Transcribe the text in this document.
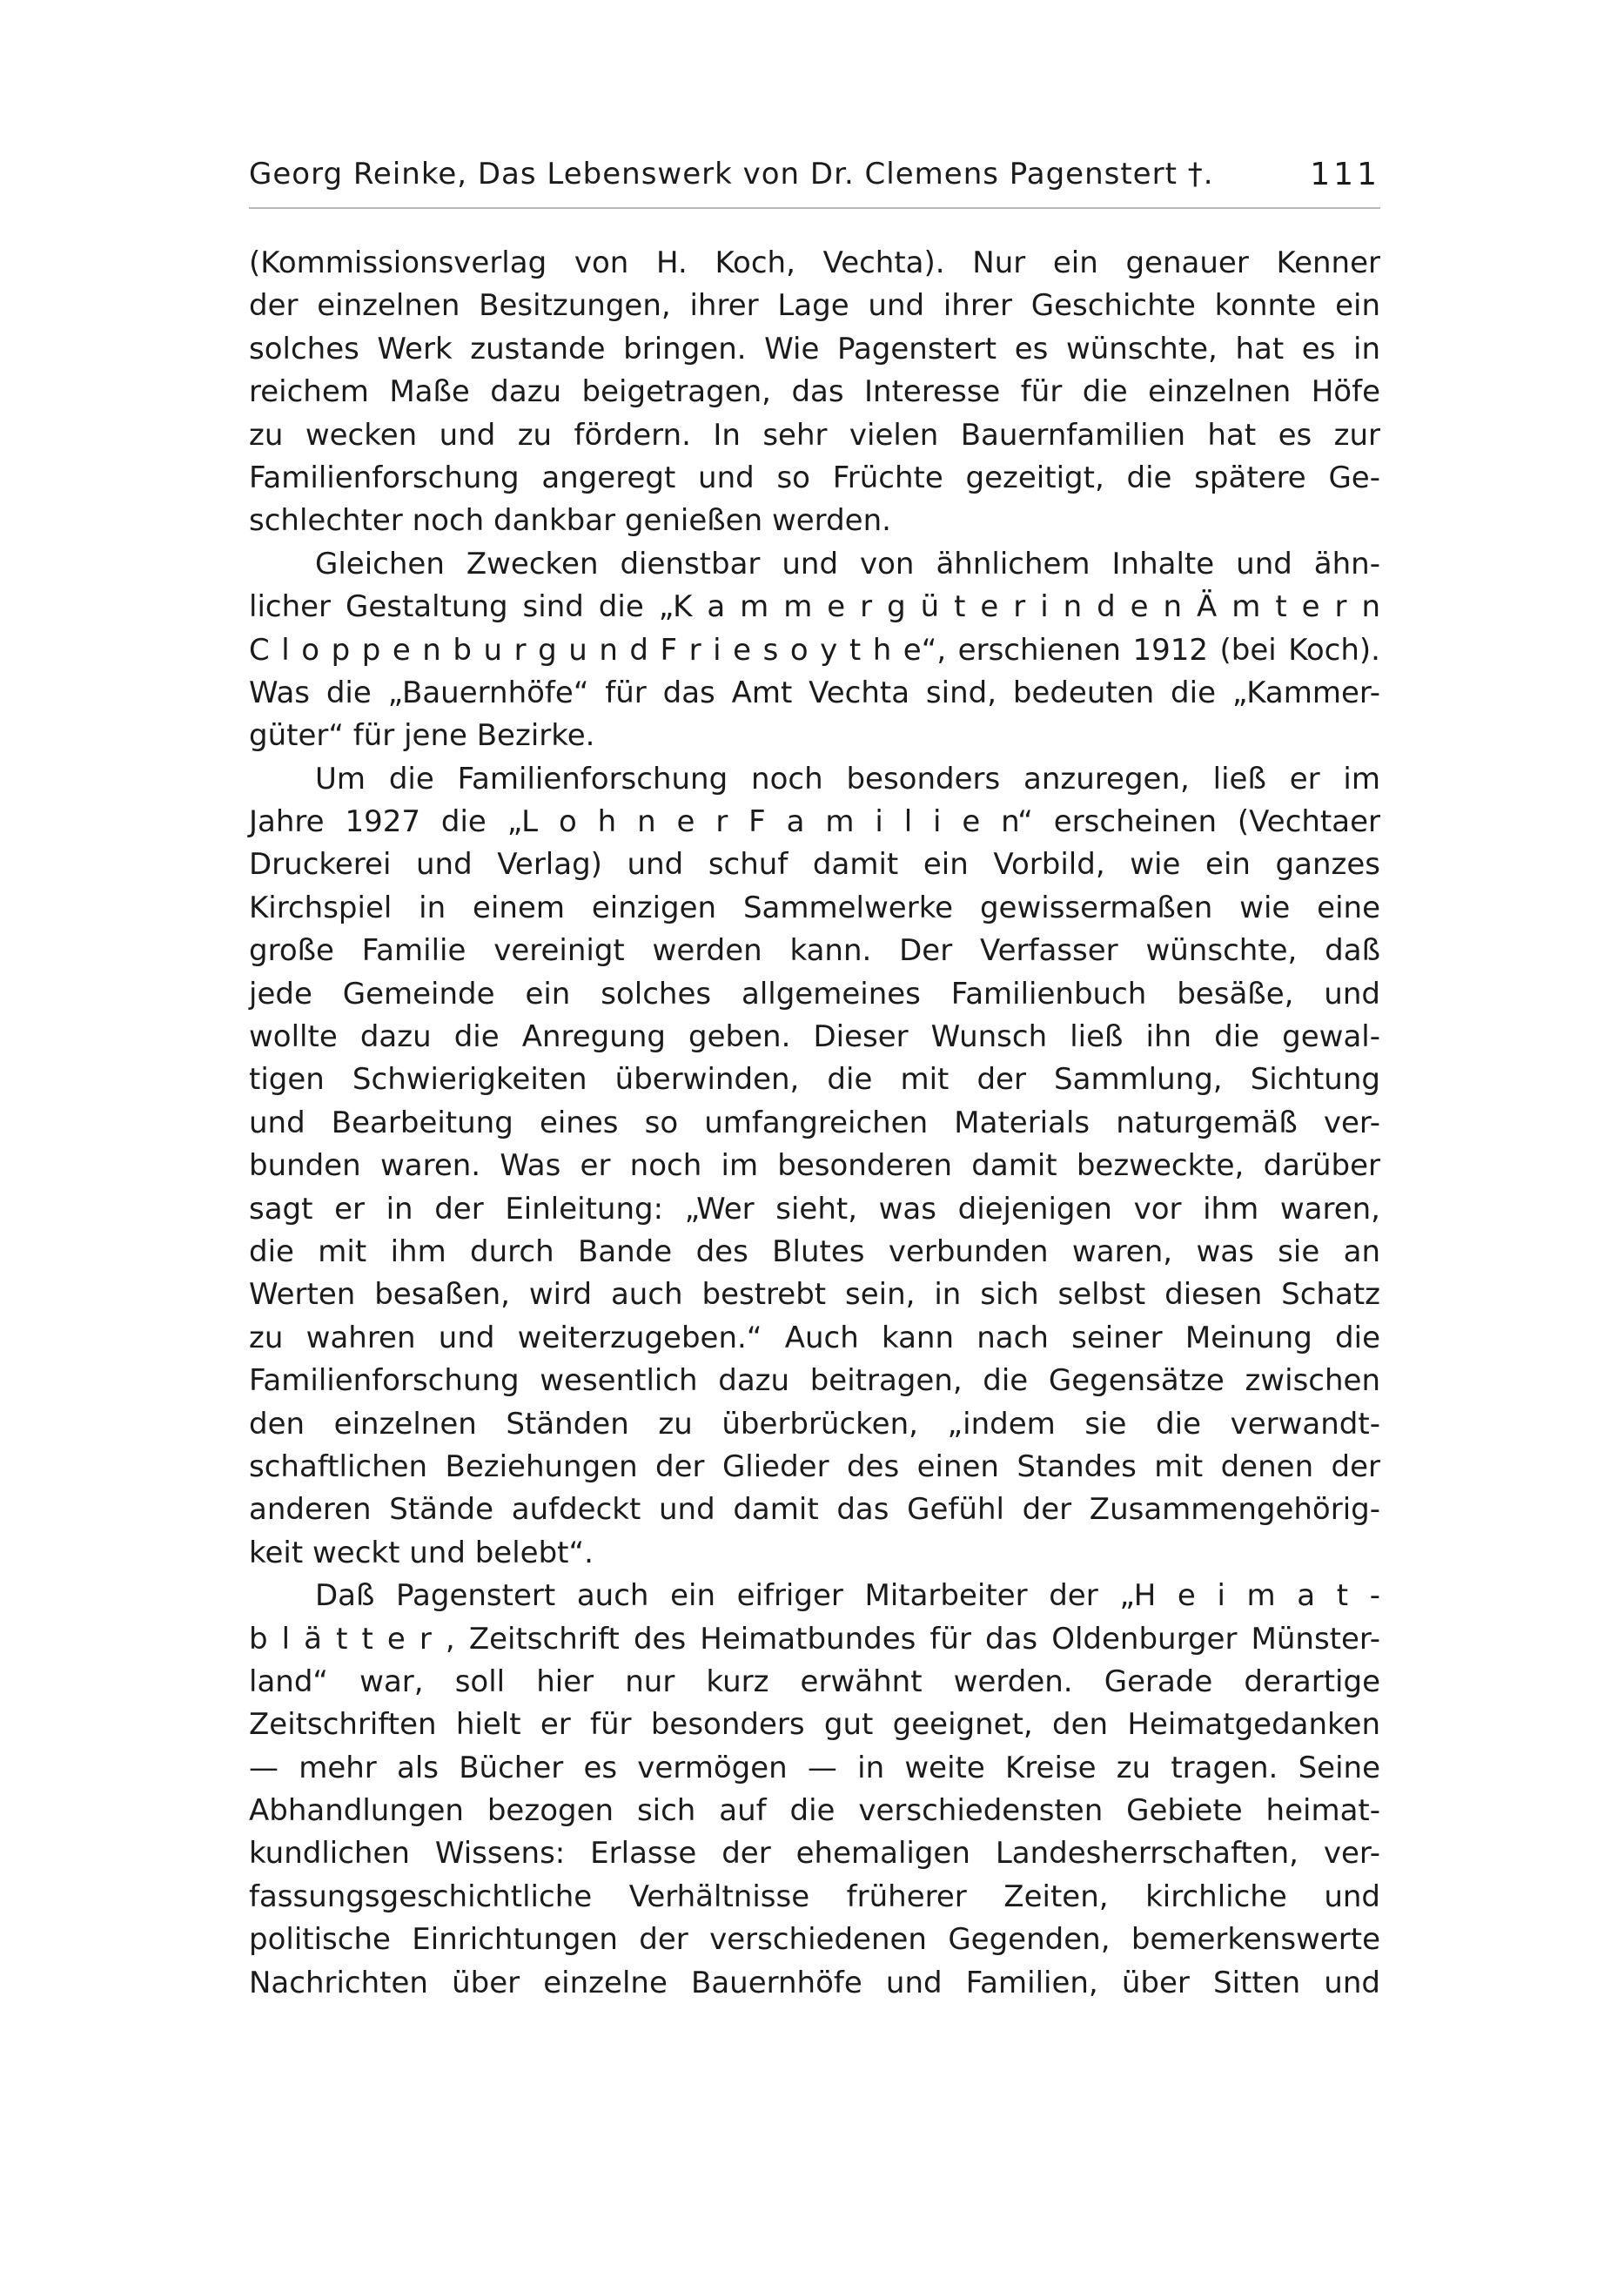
Georg Reinke, Das Lebenswerk von Dr. Clemens Pagenstert †.	111
(Kommissionsverlag von H. Koch, Vechta). Nur ein genauer Kenner
der einzelnen Besitzungen, ihrer Lage und ihrer Geschichte konnte ein
solches Werk zustande bringen. Wie Pagenstert es wünschte, hat es in
reichem Maße dazu beigetragen, das Interesse für die einzelnen Höfe
zu wecken und zu fördern. In sehr vielen Bauernfamilien hat es zur
Familienforschung angeregt und so Früchte gezeitigt, die spätere Ge-
schlechter noch dankbar genießen werden.
Gleichen Zwecken dienstbar und von ähnlichem Inhalte und ähn-
licher Gestaltung sind die „K a m m e r g ü t e r i n d e n Ä m t e r n
C l o p p e n b u r g u n d F r i e s o y t h e“, erschienen 1912 (bei Koch).
Was die „Bauernhöfe“ für das Amt Vechta sind, bedeuten die „Kammer-
güter“ für jene Bezirke.
Um die Familienforschung noch besonders anzuregen, ließ er im
Jahre 1927 die „L o h n e r F a m i l i e n“ erscheinen (Vechtaer
Druckerei und Verlag) und schuf damit ein Vorbild, wie ein ganzes
Kirchspiel in einem einzigen Sammelwerke gewissermaßen wie eine
große Familie vereinigt werden kann. Der Verfasser wünschte, daß
jede Gemeinde ein solches allgemeines Familienbuch besäße, und
wollte dazu die Anregung geben. Dieser Wunsch ließ ihn die gewal-
tigen Schwierigkeiten überwinden, die mit der Sammlung, Sichtung
und Bearbeitung eines so umfangreichen Materials naturgemäß ver-
bunden waren. Was er noch im besonderen damit bezweckte, darüber
sagt er in der Einleitung: „Wer sieht, was diejenigen vor ihm waren,
die mit ihm durch Bande des Blutes verbunden waren, was sie an
Werten besaßen, wird auch bestrebt sein, in sich selbst diesen Schatz
zu wahren und weiterzugeben.“ Auch kann nach seiner Meinung die
Familienforschung wesentlich dazu beitragen, die Gegensätze zwischen
den einzelnen Ständen zu überbrücken, „indem sie die verwandt-
schaftlichen Beziehungen der Glieder des einen Standes mit denen der
anderen Stände aufdeckt und damit das Gefühl der Zusammengehörig-
keit weckt und belebt“.
Daß Pagenstert auch ein eifriger Mitarbeiter der „H e i m a t -
b l ä t t e r , Zeitschrift des Heimatbundes für das Oldenburger Münster-
land“ war, soll hier nur kurz erwähnt werden. Gerade derartige
Zeitschriften hielt er für besonders gut geeignet, den Heimatgedanken
— mehr als Bücher es vermögen — in weite Kreise zu tragen. Seine
Abhandlungen bezogen sich auf die verschiedensten Gebiete heimat-
kundlichen Wissens: Erlasse der ehemaligen Landesherrschaften, ver-
fassungsgeschichtliche Verhältnisse früherer Zeiten, kirchliche und
politische Einrichtungen der verschiedenen Gegenden, bemerkenswerte
Nachrichten über einzelne Bauernhöfe und Familien, über Sitten und
